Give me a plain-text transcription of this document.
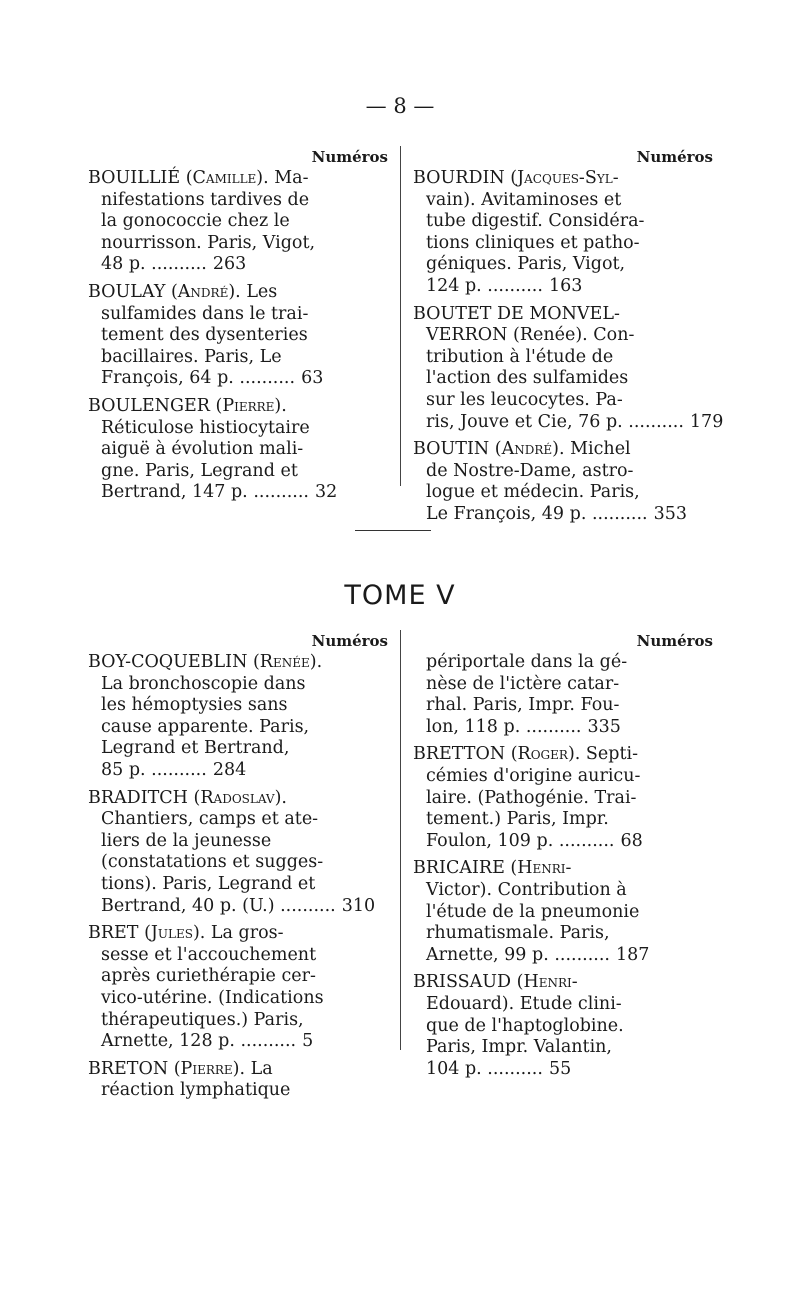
— 8 —
Numéros
BOUILLIÉ (Camille). Ma-
nifestations tardives de
la gonococcie chez le
nourrisson. Paris, Vigot,
48 p. .......... 263
BOULAY (André). Les
sulfamides dans le trai-
tement des dysenteries
bacillaires. Paris, Le
François, 64 p. .......... 63
BOULENGER (Pierre).
Réticulose histiocytaire
aiguë à évolution mali-
gne. Paris, Legrand et
Bertrand, 147 p. .......... 32
Numéros
BOURDIN (Jacques-Syl-
vain). Avitaminoses et
tube digestif. Considéra-
tions cliniques et patho-
géniques. Paris, Vigot,
124 p. .......... 163
BOUTET DE MONVEL-
VERRON (Renée). Con-
tribution à l'étude de
l'action des sulfamides
sur les leucocytes. Pa-
ris, Jouve et Cie, 76 p. .......... 179
BOUTIN (André). Michel
de Nostre-Dame, astro-
logue et médecin. Paris,
Le François, 49 p. .......... 353
TOME V
Numéros
BOY-COQUEBLIN (Renée).
La bronchoscopie dans
les hémoptysies sans
cause apparente. Paris,
Legrand et Bertrand,
85 p. .......... 284
BRADITCH (Radoslav).
Chantiers, camps et ate-
liers de la jeunesse
(constatations et sugges-
tions). Paris, Legrand et
Bertrand, 40 p. (U.) .......... 310
BRET (Jules). La gros-
sesse et l'accouchement
après curiethérapie cer-
vico-utérine. (Indications
thérapeutiques.) Paris,
Arnette, 128 p. .......... 5
BRETON (Pierre). La
réaction lymphatique
Numéros
périportale dans la gé-
nèse de l'ictère catar-
rhal. Paris, Impr. Fou-
lon, 118 p. .......... 335
BRETTON (Roger). Septi-
cémies d'origine auricu-
laire. (Pathogénie. Trai-
tement.) Paris, Impr.
Foulon, 109 p. .......... 68
BRICAIRE (Henri-
Victor). Contribution à
l'étude de la pneumonie
rhumatismale. Paris,
Arnette, 99 p. .......... 187
BRISSAUD (Henri-
Edouard). Etude clini-
que de l'haptoglobine.
Paris, Impr. Valantin,
104 p. .......... 55
